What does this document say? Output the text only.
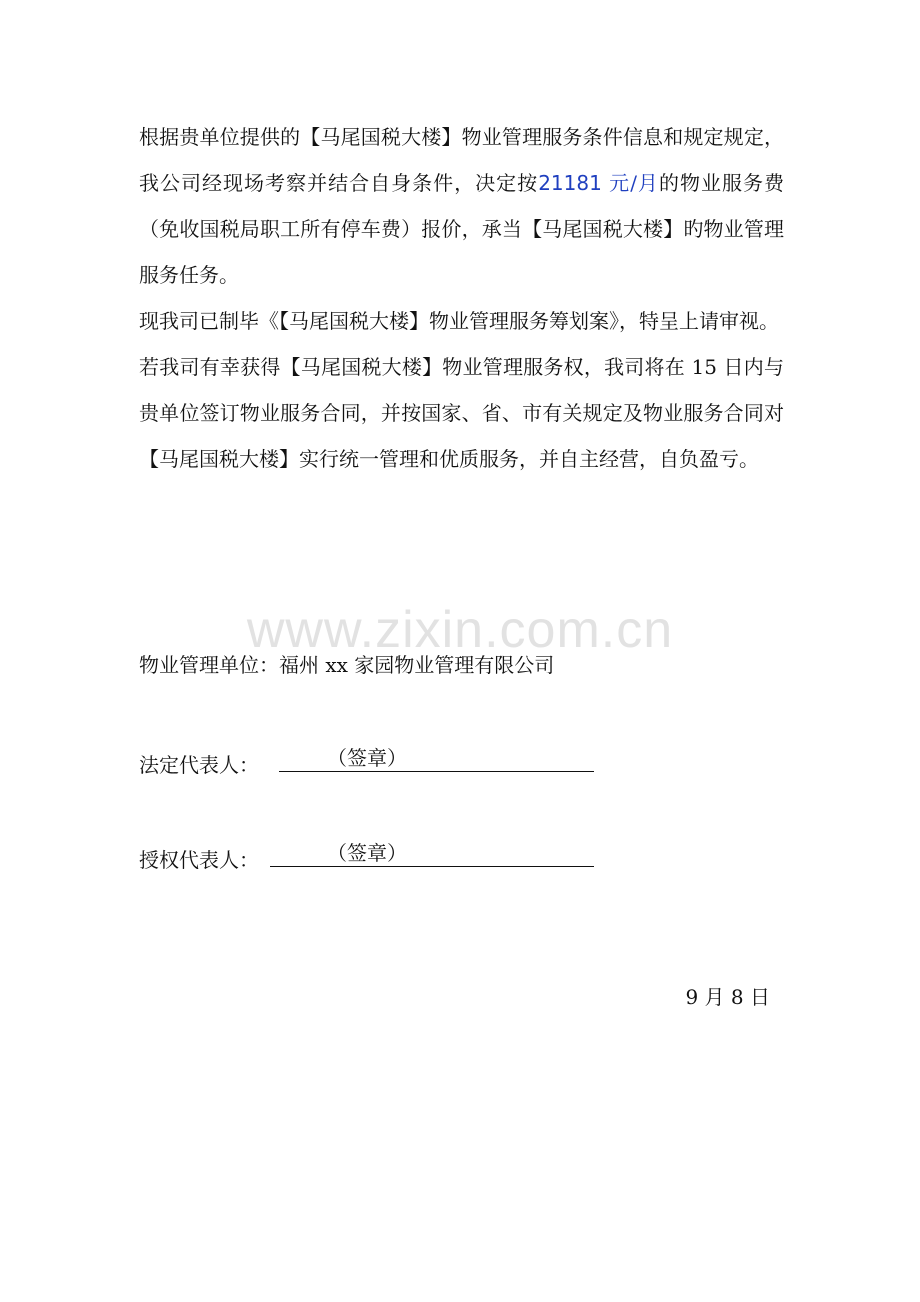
根据贵单位提供的【马尾国税大楼】物业管理服务条件信息和规定规定，我公司经现场考察并结合自身条件，决定按21181 元/月的物业服务费（免收国税局职工所有停车费）报价，承当【马尾国税大楼】旳物业管理服务任务。

现我司已制毕《【马尾国税大楼】物业管理服务筹划案》，特呈上请审视。

若我司有幸获得【马尾国税大楼】物业管理服务权，我司将在 15 日内与贵单位签订物业服务合同，并按国家、省、市有关规定及物业服务合同对【马尾国税大楼】实行统一管理和优质服务，并自主经营，自负盈亏。

www.zixin.com.cn
物业管理单位：福州 xx 家园物业管理有限公司
法定代表人：	（签章）
授权代表人：	（签章）
9 月 8 日
